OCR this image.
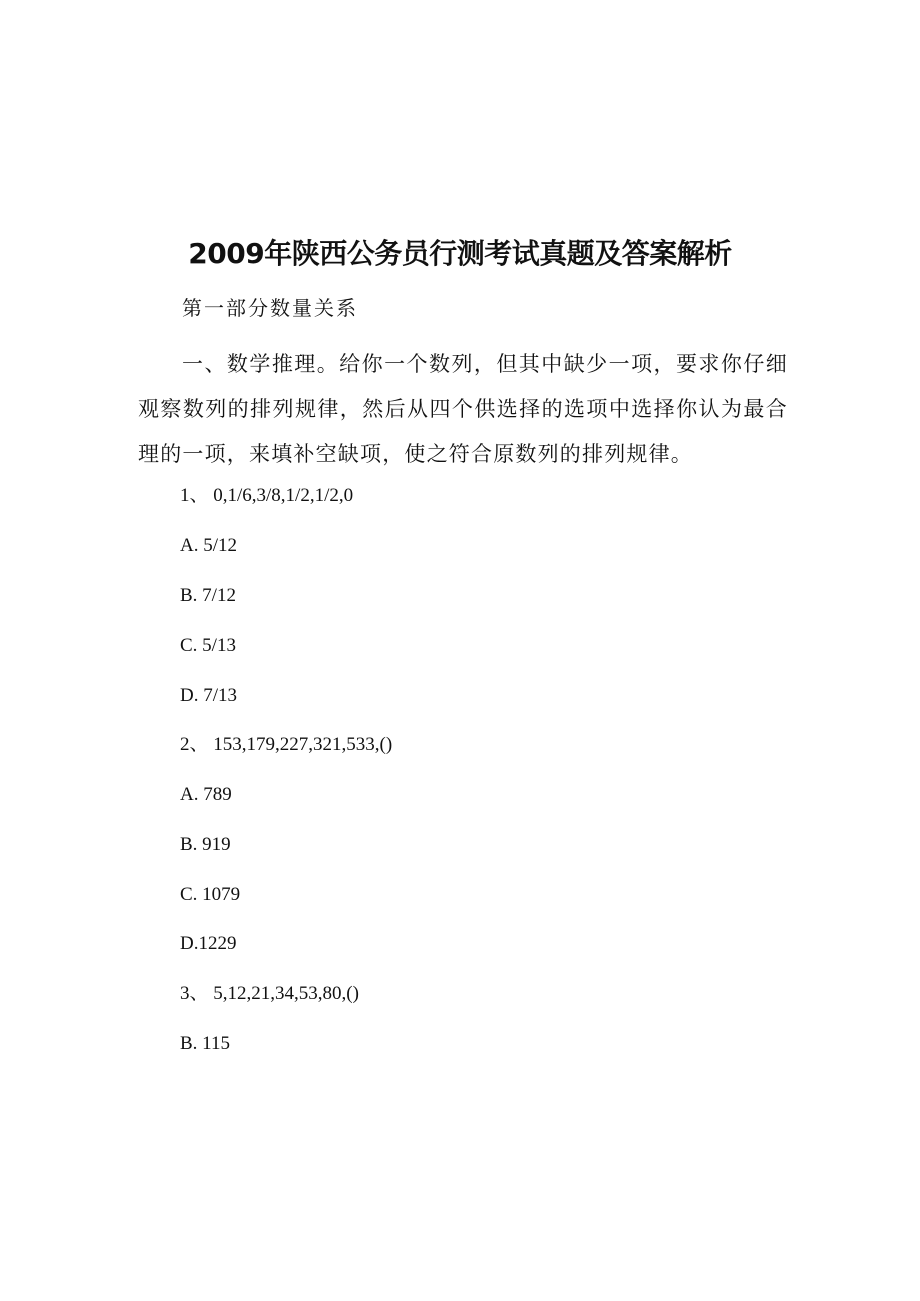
2009年陕西公务员行测考试真题及答案解析
第一部分数量关系

一、数学推理。给你一个数列，但其中缺少一项，要求你仔细观察数列的排列规律，然后从四个供选择的选项中选择你认为最合理的一项，来填补空缺项，使之符合原数列的排列规律。

1、 0,1/6,3/8,1/2,1/2,0
A. 5/12
B. 7/12
C. 5/13
D. 7/13
2、 153,179,227,321,533,()
A. 789
B. 919
C. 1079
D.1229
3、 5,12,21,34,53,80,()
B. 115
